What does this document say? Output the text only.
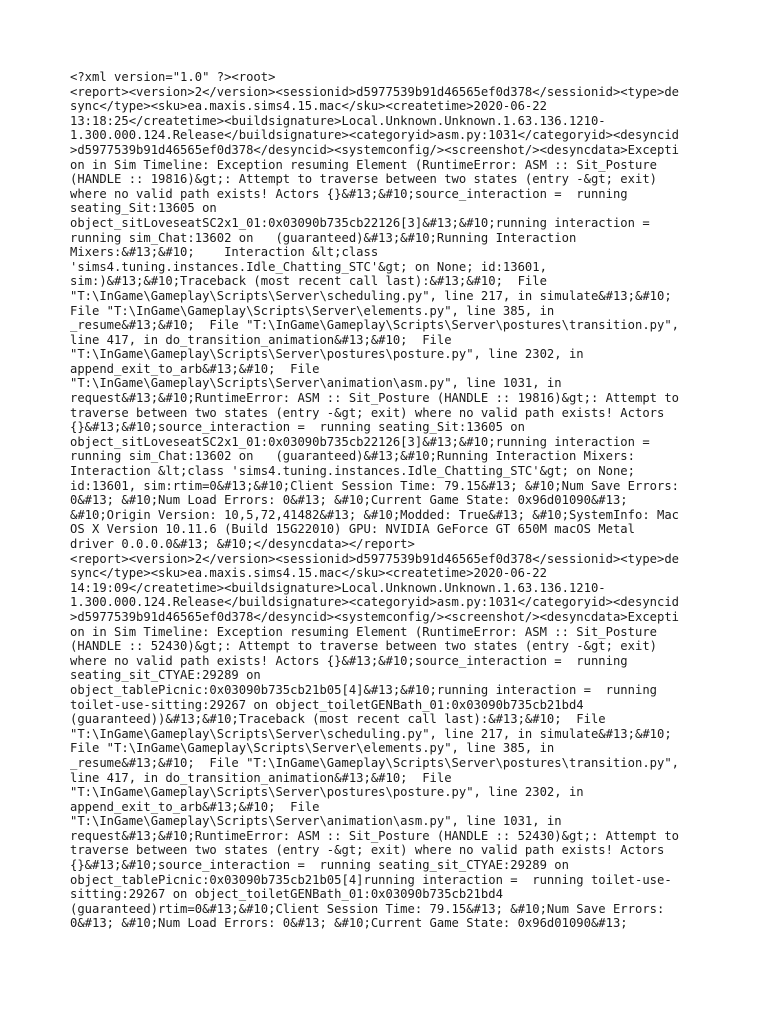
<?xml version="1.0" ?><root>
<report><version>2</version><sessionid>d5977539b91d46565ef0d378</sessionid><type>de
sync</type><sku>ea.maxis.sims4.15.mac</sku><createtime>2020-06-22
13:18:25</createtime><buildsignature>Local.Unknown.Unknown.1.63.136.1210-
1.300.000.124.Release</buildsignature><categoryid>asm.py:1031</categoryid><desyncid
>d5977539b91d46565ef0d378</desyncid><systemconfig/><screenshot/><desyncdata>Excepti
on in Sim Timeline: Exception resuming Element (RuntimeError: ASM :: Sit_Posture
(HANDLE :: 19816)&gt;: Attempt to traverse between two states (entry -&gt; exit)
where no valid path exists! Actors {}&#13;&#10;source_interaction =  running
seating_Sit:13605 on
object_sitLoveseatSC2x1_01:0x03090b735cb22126[3]&#13;&#10;running interaction =
running sim_Chat:13602 on   (guaranteed)&#13;&#10;Running Interaction
Mixers:&#13;&#10;    Interaction &lt;class
'sims4.tuning.instances.Idle_Chatting_STC'&gt; on None; id:13601,
sim:)&#13;&#10;Traceback (most recent call last):&#13;&#10;  File
"T:\InGame\Gameplay\Scripts\Server\scheduling.py", line 217, in simulate&#13;&#10;
File "T:\InGame\Gameplay\Scripts\Server\elements.py", line 385, in
_resume&#13;&#10;  File "T:\InGame\Gameplay\Scripts\Server\postures\transition.py",
line 417, in do_transition_animation&#13;&#10;  File
"T:\InGame\Gameplay\Scripts\Server\postures\posture.py", line 2302, in
append_exit_to_arb&#13;&#10;  File
"T:\InGame\Gameplay\Scripts\Server\animation\asm.py", line 1031, in
request&#13;&#10;RuntimeError: ASM :: Sit_Posture (HANDLE :: 19816)&gt;: Attempt to
traverse between two states (entry -&gt; exit) where no valid path exists! Actors
{}&#13;&#10;source_interaction =  running seating_Sit:13605 on
object_sitLoveseatSC2x1_01:0x03090b735cb22126[3]&#13;&#10;running interaction =
running sim_Chat:13602 on   (guaranteed)&#13;&#10;Running Interaction Mixers:
Interaction &lt;class 'sims4.tuning.instances.Idle_Chatting_STC'&gt; on None;
id:13601, sim:rtim=0&#13;&#10;Client Session Time: 79.15&#13; &#10;Num Save Errors:
0&#13; &#10;Num Load Errors: 0&#13; &#10;Current Game State: 0x96d01090&#13;
&#10;Origin Version: 10,5,72,41482&#13; &#10;Modded: True&#13; &#10;SystemInfo: Mac
OS X Version 10.11.6 (Build 15G22010) GPU: NVIDIA GeForce GT 650M macOS Metal
driver 0.0.0.0&#13; &#10;</desyncdata></report>
<report><version>2</version><sessionid>d5977539b91d46565ef0d378</sessionid><type>de
sync</type><sku>ea.maxis.sims4.15.mac</sku><createtime>2020-06-22
14:19:09</createtime><buildsignature>Local.Unknown.Unknown.1.63.136.1210-
1.300.000.124.Release</buildsignature><categoryid>asm.py:1031</categoryid><desyncid
>d5977539b91d46565ef0d378</desyncid><systemconfig/><screenshot/><desyncdata>Excepti
on in Sim Timeline: Exception resuming Element (RuntimeError: ASM :: Sit_Posture
(HANDLE :: 52430)&gt;: Attempt to traverse between two states (entry -&gt; exit)
where no valid path exists! Actors {}&#13;&#10;source_interaction =  running
seating_sit_CTYAE:29289 on
object_tablePicnic:0x03090b735cb21b05[4]&#13;&#10;running interaction =  running
toilet-use-sitting:29267 on object_toiletGENBath_01:0x03090b735cb21bd4
(guaranteed))&#13;&#10;Traceback (most recent call last):&#13;&#10;  File
"T:\InGame\Gameplay\Scripts\Server\scheduling.py", line 217, in simulate&#13;&#10;
File "T:\InGame\Gameplay\Scripts\Server\elements.py", line 385, in
_resume&#13;&#10;  File "T:\InGame\Gameplay\Scripts\Server\postures\transition.py",
line 417, in do_transition_animation&#13;&#10;  File
"T:\InGame\Gameplay\Scripts\Server\postures\posture.py", line 2302, in
append_exit_to_arb&#13;&#10;  File
"T:\InGame\Gameplay\Scripts\Server\animation\asm.py", line 1031, in
request&#13;&#10;RuntimeError: ASM :: Sit_Posture (HANDLE :: 52430)&gt;: Attempt to
traverse between two states (entry -&gt; exit) where no valid path exists! Actors
{}&#13;&#10;source_interaction =  running seating_sit_CTYAE:29289 on
object_tablePicnic:0x03090b735cb21b05[4]running interaction =  running toilet-use-
sitting:29267 on object_toiletGENBath_01:0x03090b735cb21bd4
(guaranteed)rtim=0&#13;&#10;Client Session Time: 79.15&#13; &#10;Num Save Errors:
0&#13; &#10;Num Load Errors: 0&#13; &#10;Current Game State: 0x96d01090&#13;
